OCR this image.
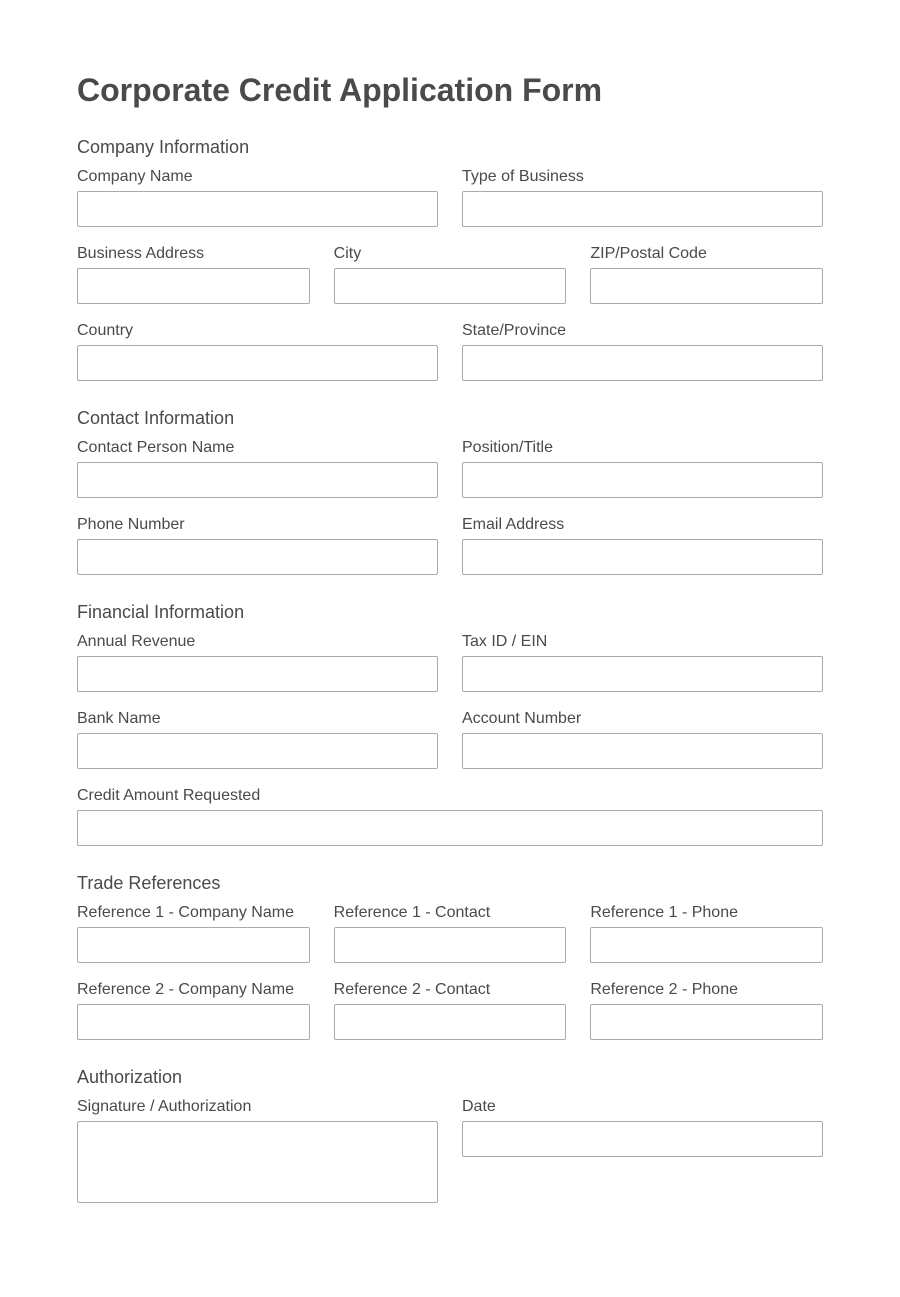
Corporate Credit Application Form
Company Information
Company Name	Type of Business
Business Address	City	ZIP/Postal Code
Country	State/Province
Contact Information
Contact Person Name	Position/Title
Phone Number	Email Address
Financial Information
Annual Revenue	Tax ID / EIN
Bank Name	Account Number
Credit Amount Requested
Trade References
Reference 1 - Company Name	Reference 1 - Contact	Reference 1 - Phone
Reference 2 - Company Name	Reference 2 - Contact	Reference 2 - Phone
Authorization
Signature / Authorization	Date
